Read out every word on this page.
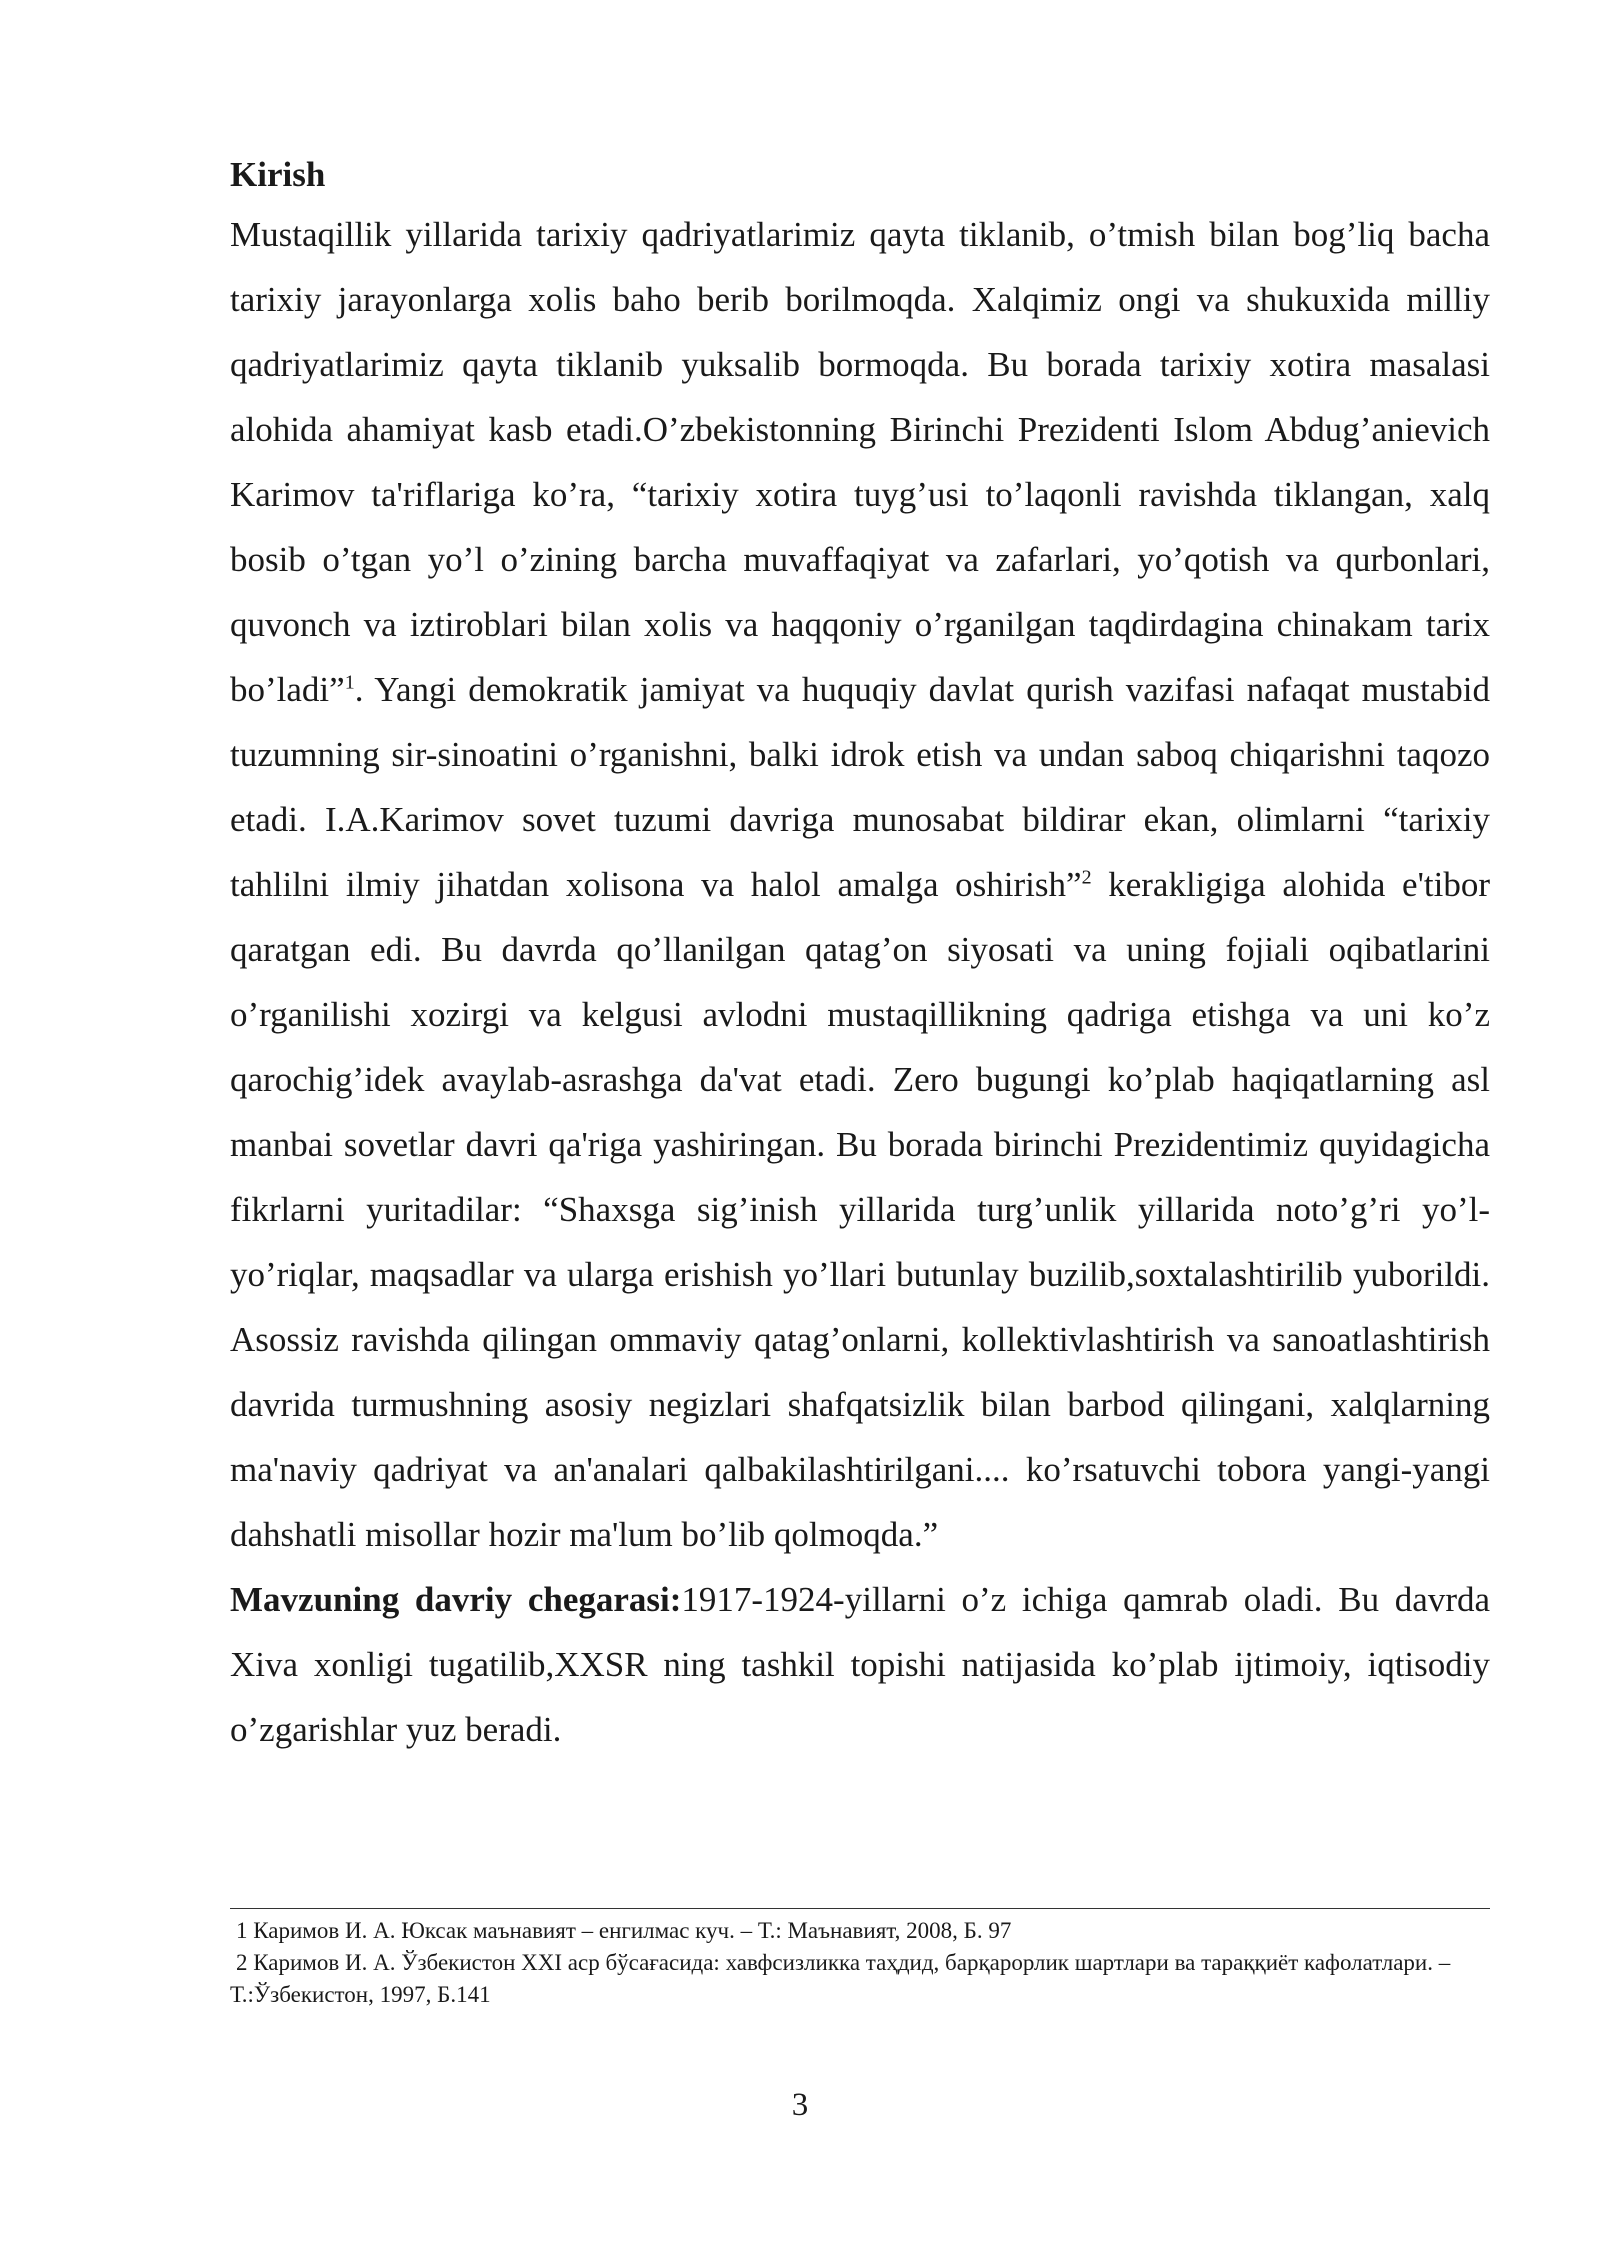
Kirish

Mustaqillik yillarida tarixiy qadriyatlarimiz qayta tiklanib, o’tmish bilan bog’liq bacha tarixiy jarayonlarga xolis baho berib borilmoqda. Xalqimiz ongi va shukuxida milliy qadriyatlarimiz qayta tiklanib yuksalib bormoqda. Bu borada tarixiy xotira masalasi alohida ahamiyat kasb etadi.O’zbekistonning Birinchi Prezidenti Islom Abdug’anievich Karimov ta'riflariga ko’ra, “tarixiy xotira tuyg’usi to’laqonli ravishda tiklangan, xalq bosib o’tgan yo’l o’zining barcha muvaffaqiyat va zafarlari, yo’qotish va qurbonlari, quvonch va iztiroblari bilan xolis va haqqoniy o’rganilgan taqdirdagina chinakam tarix bo’ladi”$^1$. Yangi demokratik jamiyat va huquqiy davlat qurish vazifasi nafaqat mustabid tuzumning sir-sinoatini o’rganishni, balki idrok etish va undan saboq chiqarishni taqozo etadi. I.A.Karimov sovet tuzumi davriga munosabat bildirar ekan, olimlarni “tarixiy tahlilni ilmiy jihatdan xolisona va halol amalga oshirish”$^2$ kerakligiga alohida e'tibor qaratgan edi. Bu davrda qo’llanilgan qatag’on siyosati va uning fojiali oqibatlarini o’rganilishi xozirgi va kelgusi avlodni mustaqillikning qadriga etishga va uni ko’z qarochig’idek avaylab-asrashga da'vat etadi. Zero bugungi ko’plab haqiqatlarning asl manbai sovetlar davri qa'riga yashiringan. Bu borada birinchi Prezidentimiz quyidagicha fikrlarni yuritadilar: “Shaxsga sig’inish yillarida turg’unlik yillarida noto’g’ri yo’l-yo’riqlar, maqsadlar va ularga erishish yo’llari butunlay buzilib,soxtalashtirilib yuborildi. Asossiz ravishda qilingan ommaviy qatag’onlarni, kollektivlashtirish va sanoatlashtirish davrida turmushning asosiy negizlari shafqatsizlik bilan barbod qilingani, xalqlarning ma'naviy qadriyat va an'analari qalbakilashtirilgani.... ko’rsatuvchi tobora yangi-yangi dahshatli misollar hozir ma'lum bo’lib qolmoqda.”

Mavzuning davriy chegarasi:1917-1924-yillarni o’z ichiga qamrab oladi. Bu davrda Xiva xonligi tugatilib,XXSR ning tashkil topishi natijasida ko’plab ijtimoiy, iqtisodiy o’zgarishlar yuz beradi.

1 Каримов И. А. Юксак маънавият – енгилмас куч. – Т.: Маънавият, 2008, Б. 97

2 Каримов И. А. Ўзбекистон XXI аср бўсағасида: хавфсизликка таҳдид, барқарорлик шартлари ва тараққиёт кафолатлари. –Т.:Ўзбекистон, 1997, Б.141

3
